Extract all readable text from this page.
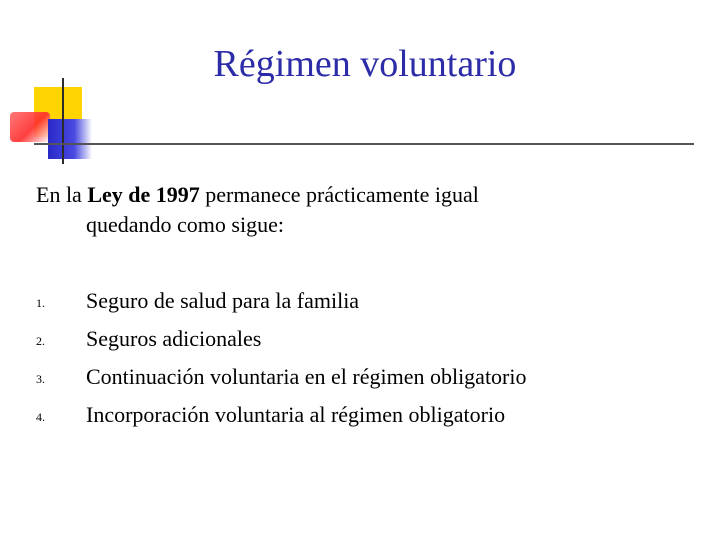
Régimen voluntario
En la Ley de 1997 permanece prácticamente igual
quedando como sigue:
1. Seguro de salud para la familia
2. Seguros adicionales
3. Continuación voluntaria en el régimen obligatorio
4. Incorporación voluntaria al régimen obligatorio
